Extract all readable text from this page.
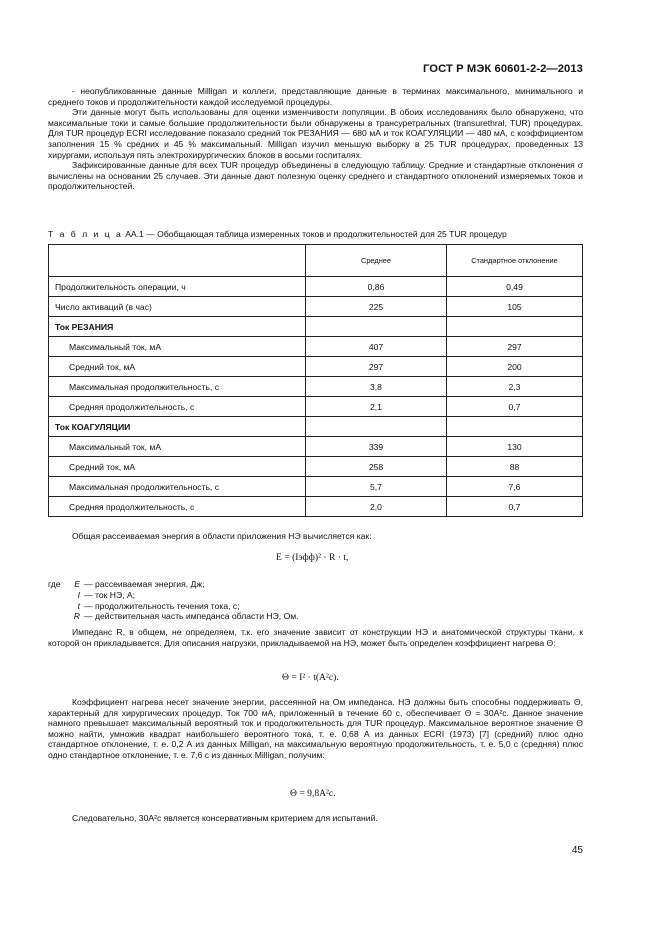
ГОСТ Р МЭК 60601-2-2—2013

- неопубликованные данные Milligan и коллеги, представляющие данные в терминах максимального, минимального и среднего токов и продолжительности каждой исследуемой процедуры.

Эти данные могут быть использованы для оценки изменчивости популяции. В обоих исследованиях было обнаружено, что максимальные токи и самые большие продолжительности были обнаружены в трансуретральных (transurethral, TUR) процедурах. Для TUR процедур ECRI исследование показало средний ток РЕЗАНИЯ — 680 мА и ток КОАГУЛЯЦИИ — 480 мА, с коэффициентом заполнения 15 % средних и 45 % максимальный. Milligan изучил меньшую выборку в 25 TUR процедурах, проведенных 13 хирургами, используя пять электрохирургических блоков в восьми госпиталях.

Зафиксированные данные для всех TUR процедур объединены в следующую таблицу. Средние и стандартные отклонения σ вычислены на основании 25 случаев. Эти данные дают полезную оценку среднего и стандартного отклонений измеряемых токов и продолжительностей.

Т а б л и ц а АА.1 — Обобщающая таблица измеренных токов и продолжительностей для 25 TUR процедур
	Среднее	Стандартное отклонение
Продолжительность операции, ч	0,86	0,49
Число активаций (в час)	225	105
Ток РЕЗАНИЯ		
Максимальный ток, мА	407	297
Средний ток, мА	297	200
Максимальная продолжительность, с	3,8	2,3
Средняя продолжительность, с	2,1	0,7
Ток КОАГУЛЯЦИИ		
Максимальный ток, мА	339	130
Средний ток, мА	258	88
Максимальная продолжительность, с	5,7	7,6
Средняя продолжительность, с	2,0	0,7

Общая рассеиваемая энергия в области приложения НЭ вычисляется как:

E = (Iэфф)² · R · t,
где	E — рассеиваемая энергия, Дж;
I — ток НЭ, А;
t — продолжительность течения тока, с;
R — действительная часть импеданса области НЭ, Ом.

Импеданс R, в общем, не определяем, т.к. его значение зависит от конструкции НЭ и анатомической структуры ткани, к которой он прикладывается. Для описания нагрузки, прикладываемой на НЭ, может быть определен коэффициент нагрева Θ:

Θ = I² · t(A²c).

Коэффициент нагрева несет значение энергии, рассеянной на Ом импеданса. НЭ должны быть способны поддерживать Θ, характерный для хирургических процедур. Ток 700 мА, приложенный в течение 60 с, обеспечивает Θ = 30A²c. Данное значение намного превышает максимальный вероятный ток и продолжительность для TUR процедур. Максимальное вероятное значение Θ можно найти, умножив квадрат наибольшего вероятного тока, т. е. 0,68 А из данных ECRI (1973) [7] (средний) плюс одно стандартное отклонение, т. е. 0,2 А из данных Milligan, на максимальную вероятную продолжительность, т. е. 5,0 с (средняя) плюс одно стандартное отклонение, т. е. 7,6 с из данных Milligan, получим:

Θ = 9,8A²c.

Следовательно, 30A²c является консервативным критерием для испытаний.

45
